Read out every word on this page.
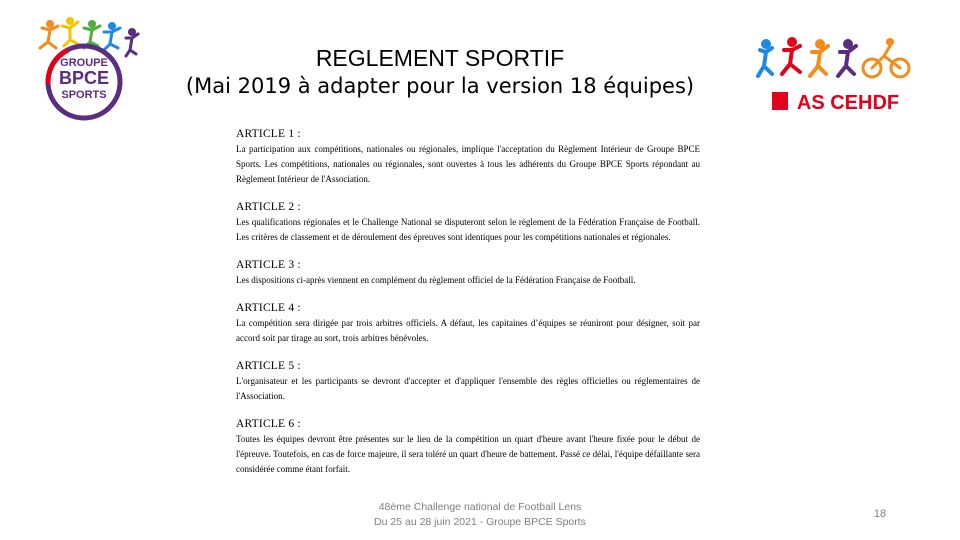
GROUPE
BPCE
SPORTS
REGLEMENT SPORTIF
(Mai 2019 à adapter pour la version 18 équipes)
AS CEHDF
ARTICLE 1 :

La participation aux compétitions, nationales ou régionales, implique l'acceptation du Règlement Intérieur de Groupe BPCE Sports. Les compétitions, nationales ou régionales, sont ouvertes à tous les adhérents du Groupe BPCE Sports répondant au Règlement Intérieur de l'Association.

ARTICLE 2 :

Les qualifications régionales et le Challenge National se disputeront selon le règlement de la Fédération Française de Football. Les critères de classement et de déroulement des épreuves sont identiques pour les compétitions nationales et régionales.

ARTICLE 3 :

Les dispositions ci-après viennent en complément du règlement officiel de la Fédération Française de Football.

ARTICLE 4 :

La compétition sera dirigée par trois arbitres officiels. A défaut, les capitaines d’équipes se réuniront pour désigner, soit par accord soit par tirage au sort, trois arbitres bénévoles.

ARTICLE 5 :

L'organisateur et les participants se devront d'accepter et d'appliquer l'ensemble des règles officielles ou réglementaires de l'Association.

ARTICLE 6 :

Toutes les équipes devront être présentes sur le lieu de la compétition un quart d'heure avant l'heure fixée pour le début de l'épreuve. Toutefois, en cas de force majeure, il sera toléré un quart d'heure de battement. Passé ce délai, l'équipe défaillante sera considérée comme étant forfait.

48ème Challenge national de Football Lens
Du 25 au 28 juin 2021 - Groupe BPCE Sports
18
